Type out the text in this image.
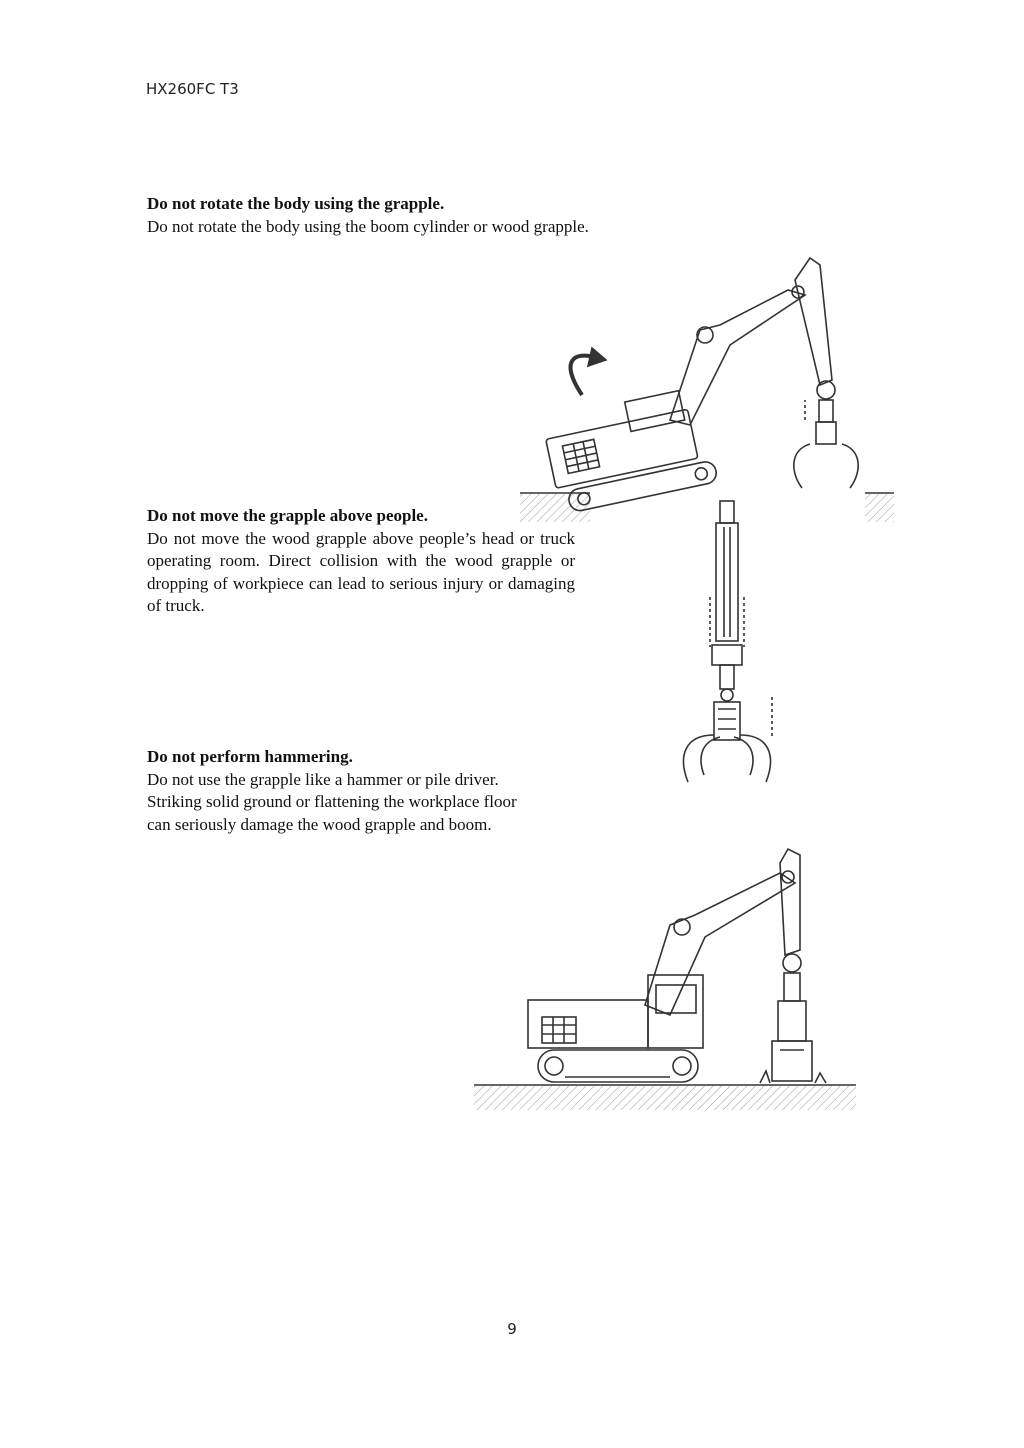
HX260FC T3
Do not rotate the body using the grapple.

Do not rotate the body using the boom cylinder or wood grapple.

Do not move the grapple above people.

Do not move the wood grapple above people’s head or truck operating room. Direct collision with the wood grapple or dropping of workpiece can lead to serious injury or damaging of truck.

Do not perform hammering.

Do not use the grapple like a hammer or pile driver.

Striking solid ground or flattening the workplace floor

can seriously damage the wood grapple and boom.

9
